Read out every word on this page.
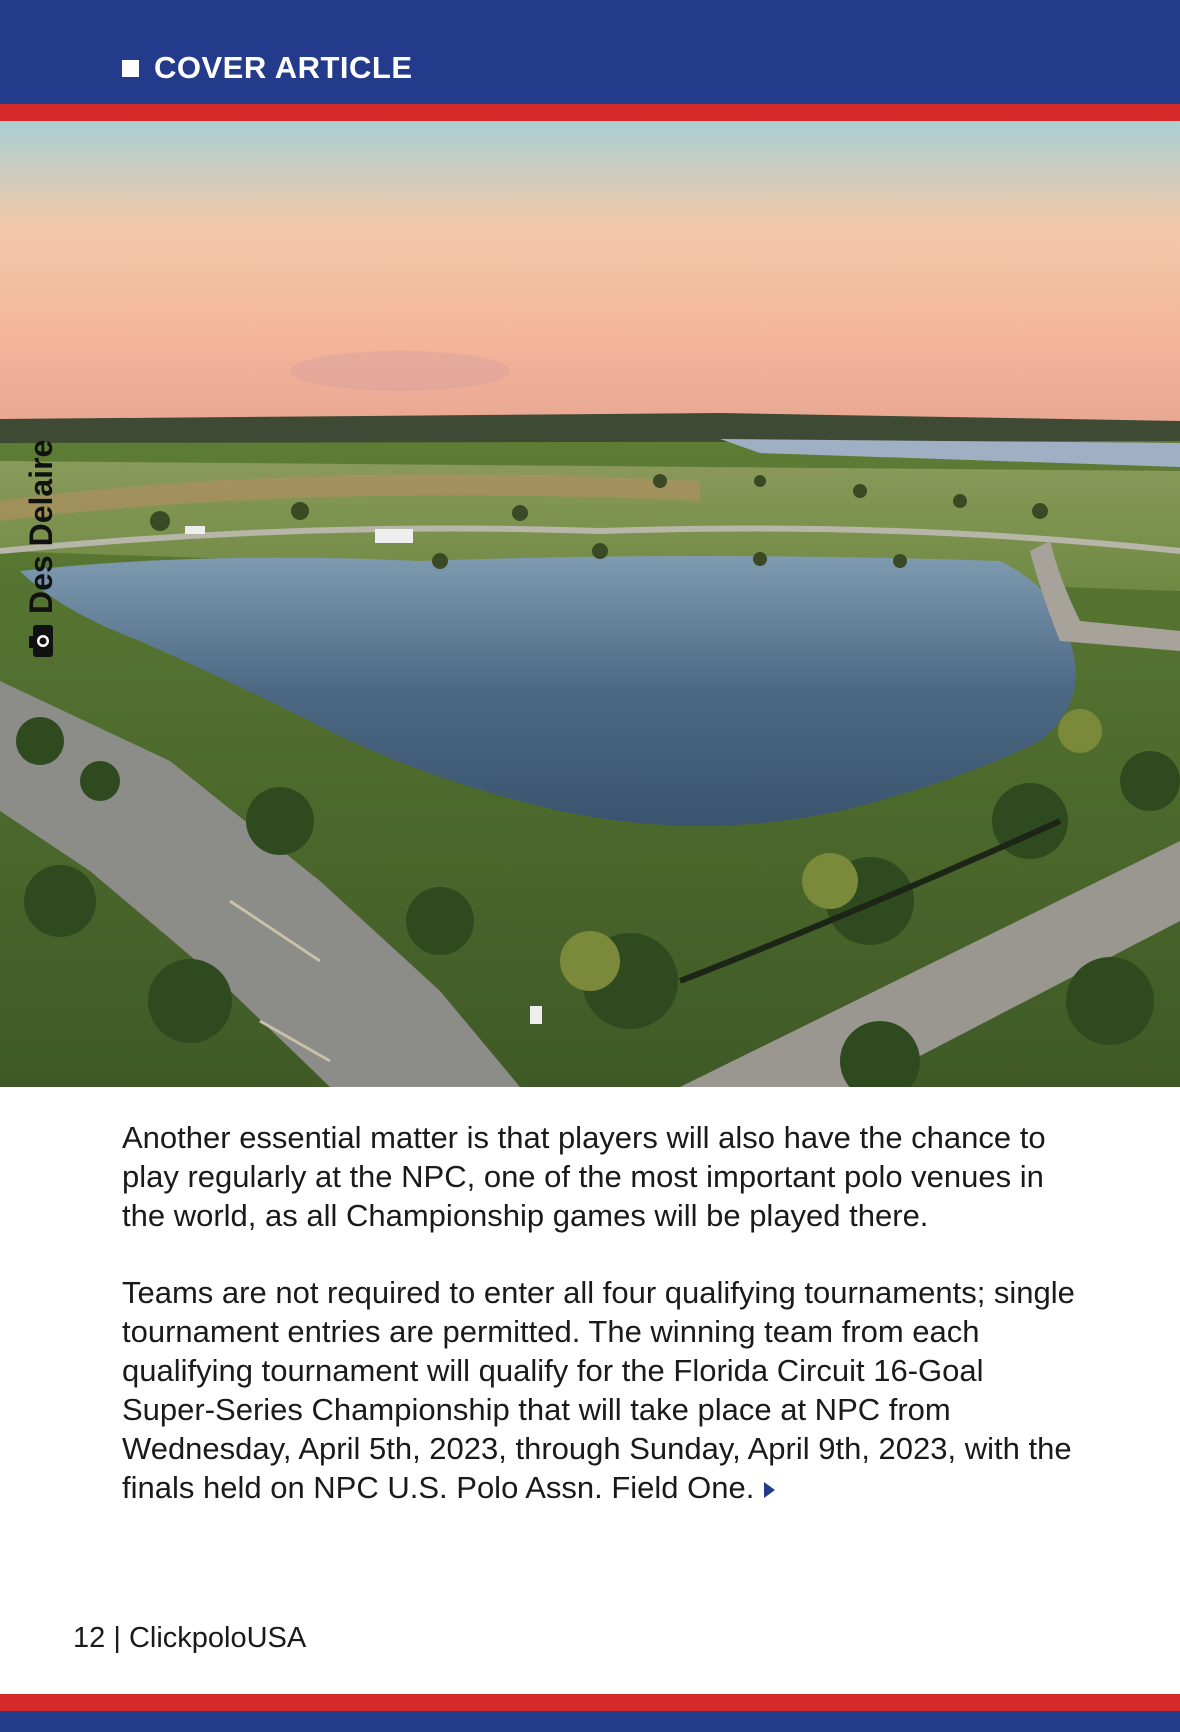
COVER ARTICLE
Des Delaire

Another essential matter is that players will also have the chance to play regularly at the NPC, one of the most important polo venues in the world, as all Championship games will be played there.

Teams are not required to enter all four qualifying tournaments; single tournament entries are permitted. The winning team from each qualifying tournament will qualify for the Florida Circuit 16-Goal Super-Series Championship that will take place at NPC from Wednesday, April 5th, 2023, through Sunday, April 9th, 2023, with the finals held on NPC U.S. Polo Assn. Field One.

12 | ClickpoloUSA
